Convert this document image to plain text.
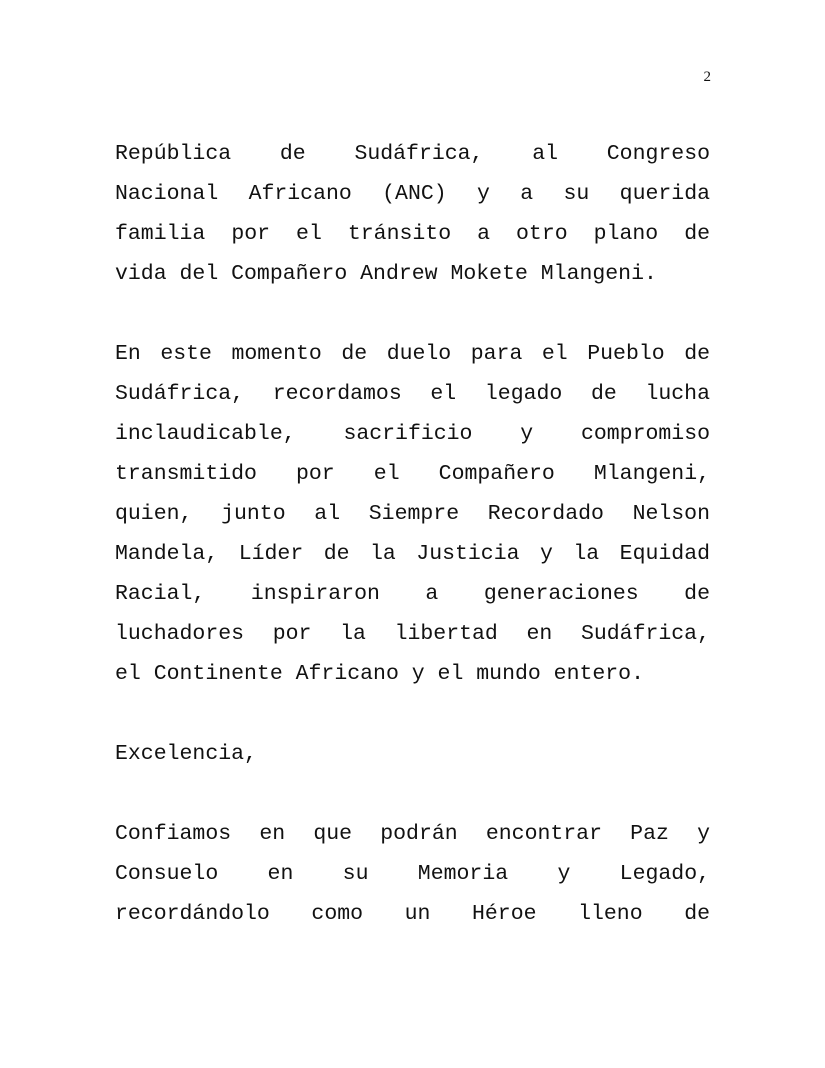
2
República de Sudáfrica, al Congreso
Nacional Africano (ANC) y a su querida
familia por el tránsito a otro plano de
vida del Compañero Andrew Mokete Mlangeni.
En este momento de duelo para el Pueblo de
Sudáfrica, recordamos el legado de lucha
inclaudicable, sacrificio y compromiso
transmitido por el Compañero Mlangeni,
quien, junto al Siempre Recordado Nelson
Mandela, Líder de la Justicia y la Equidad
Racial, inspiraron a generaciones de
luchadores por la libertad en Sudáfrica,
el Continente Africano y el mundo entero.
Excelencia,
Confiamos en que podrán encontrar Paz y
Consuelo en su Memoria y Legado,
recordándolo como un Héroe lleno de
